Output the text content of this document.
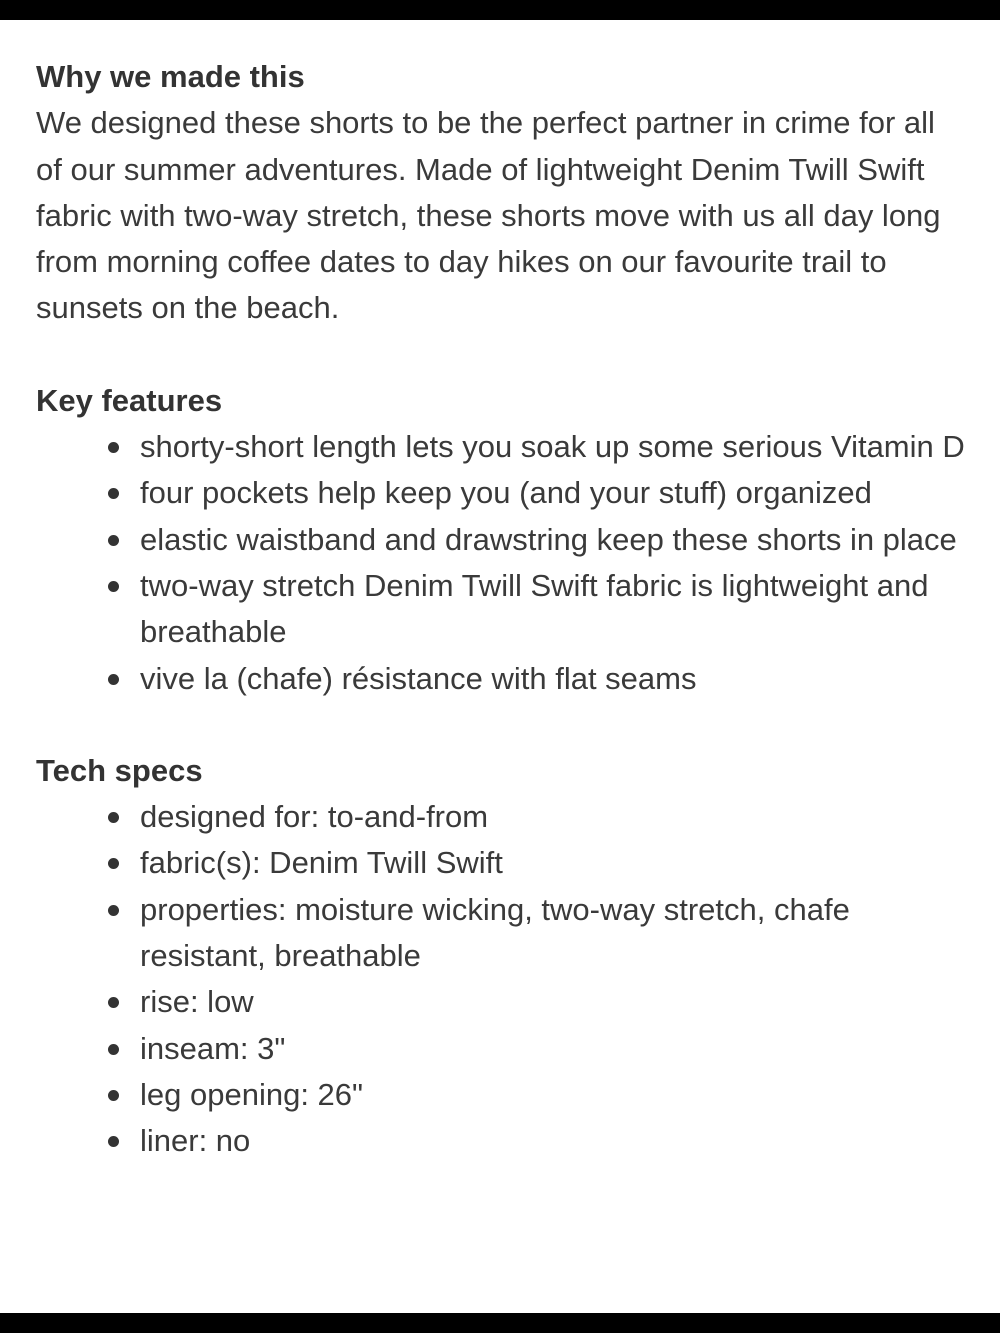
Why we made this

We designed these shorts to be the perfect partner in crime for all of our summer adventures. Made of lightweight Denim Twill Swift fabric with two-way stretch, these shorts move with us all day long from morning coffee dates to day hikes on our favourite trail to sunsets on the beach.

Key features
shorty-short length lets you soak up some serious Vitamin D
four pockets help keep you (and your stuff) organized
elastic waistband and drawstring keep these shorts in place
two-way stretch Denim Twill Swift fabric is lightweight and breathable
vive la (chafe) résistance with flat seams
Tech specs
designed for: to-and-from
fabric(s): Denim Twill Swift
properties: moisture wicking, two-way stretch, chafe resistant, breathable
rise: low
inseam: 3"
leg opening: 26"
liner: no
